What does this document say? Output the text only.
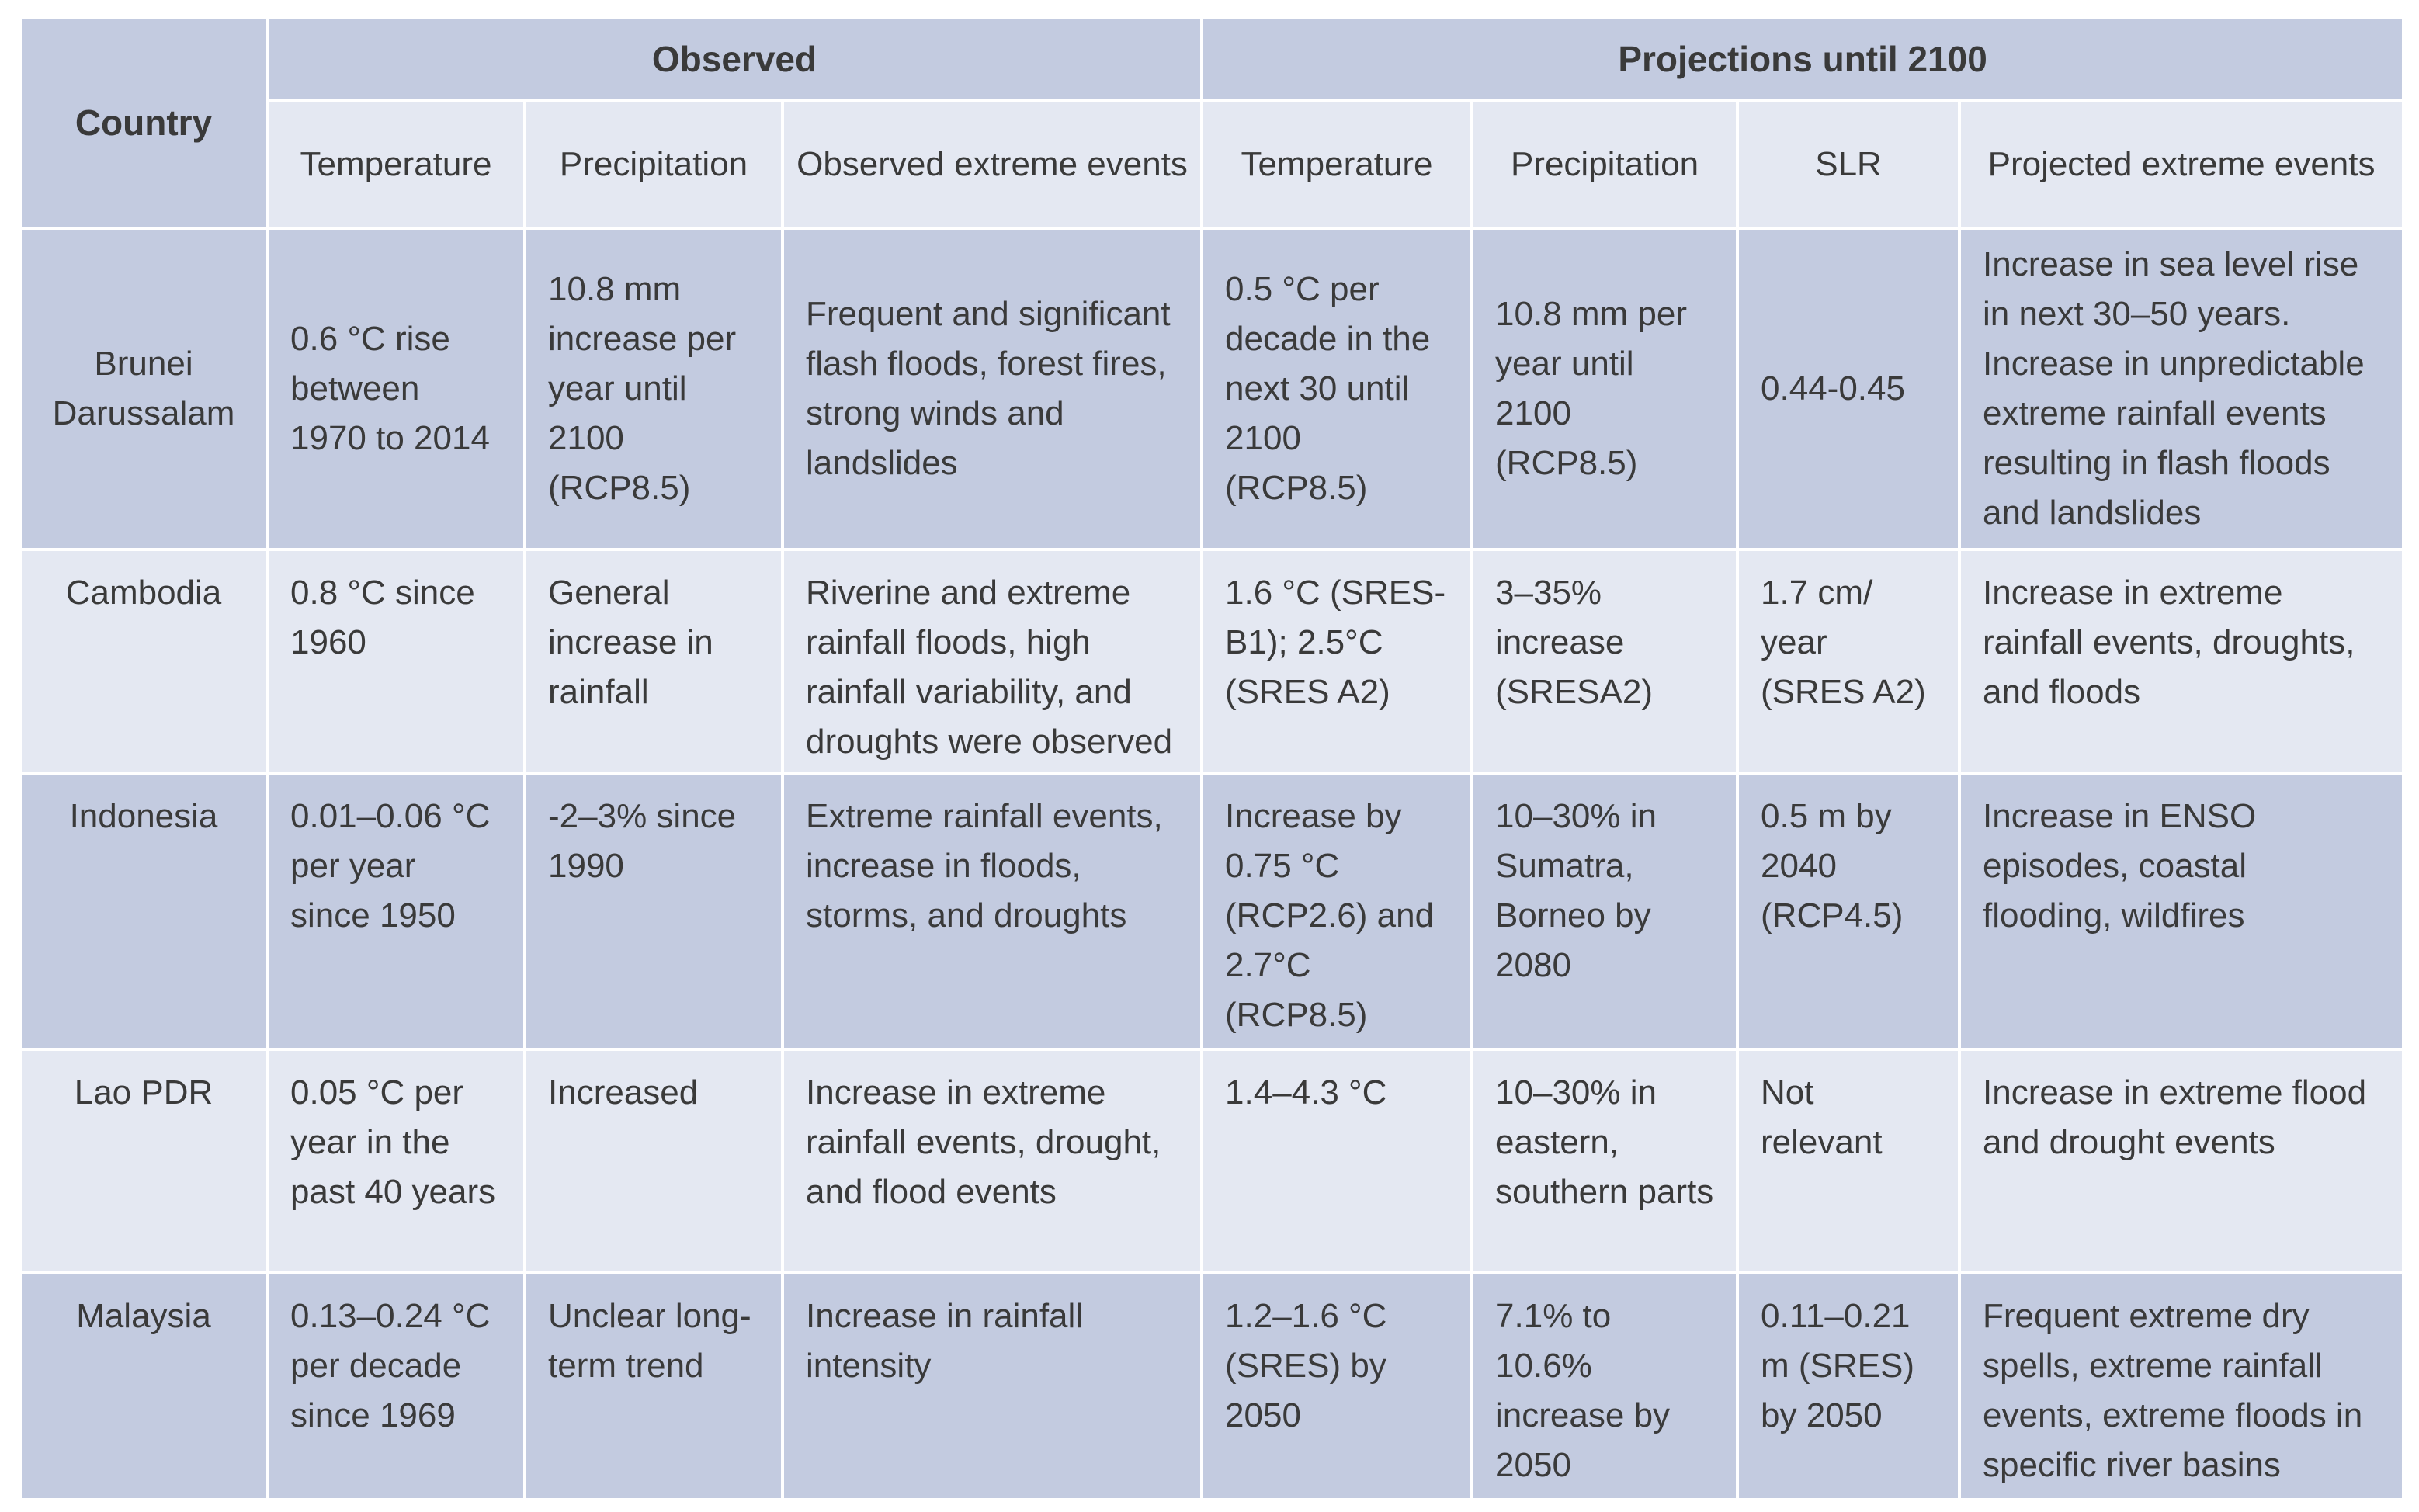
Country	Observed			Projections until 2100			
	Temperature	Precipitation	Observed extreme events	Temperature	Precipitation	SLR	Projected extreme events
Brunei Darussalam	0.6 °C rise between 1970 to 2014	10.8 mm increase per year until 2100 (RCP8.5)	Frequent and significant flash floods, forest fires, strong winds and landslides	0.5 °C per decade in the next 30 until 2100 (RCP8.5)	10.8 mm per year until 2100 (RCP8.5)	0.44-0.45	Increase in sea level rise in next 30–50 years. Increase in unpredictable extreme rainfall events resulting in flash floods and landslides
Cambodia	0.8 °C since 1960	General increase in rainfall	Riverine and extreme rainfall floods, high rainfall variability, and droughts were observed	1.6 °C (SRES-B1); 2.5°C (SRES A2)	3–35% increase (SRESA2)	1.7 cm/ year (SRES A2)	Increase in extreme rainfall events, droughts, and floods
Indonesia	0.01–0.06 °C per year since 1950	-2–3% since 1990	Extreme rainfall events, increase in floods, storms, and droughts	Increase by 0.75 °C (RCP2.6) and 2.7°C (RCP8.5)	10–30% in Sumatra, Borneo by 2080	0.5 m by 2040 (RCP4.5)	Increase in ENSO episodes, coastal flooding, wildfires
Lao PDR	0.05 °C per year in the past 40 years	Increased	Increase in extreme rainfall events, drought, and flood events	1.4–4.3 °C	10–30% in eastern, southern parts	Not relevant	Increase in extreme flood and drought events
Malaysia	0.13–0.24 °C per decade since 1969	Unclear long-term trend	Increase in rainfall intensity	1.2–1.6 °C (SRES) by 2050	7.1% to 10.6% increase by 2050	0.11–0.21 m (SRES) by 2050	Frequent extreme dry spells, extreme rainfall events, extreme floods in specific river basins
